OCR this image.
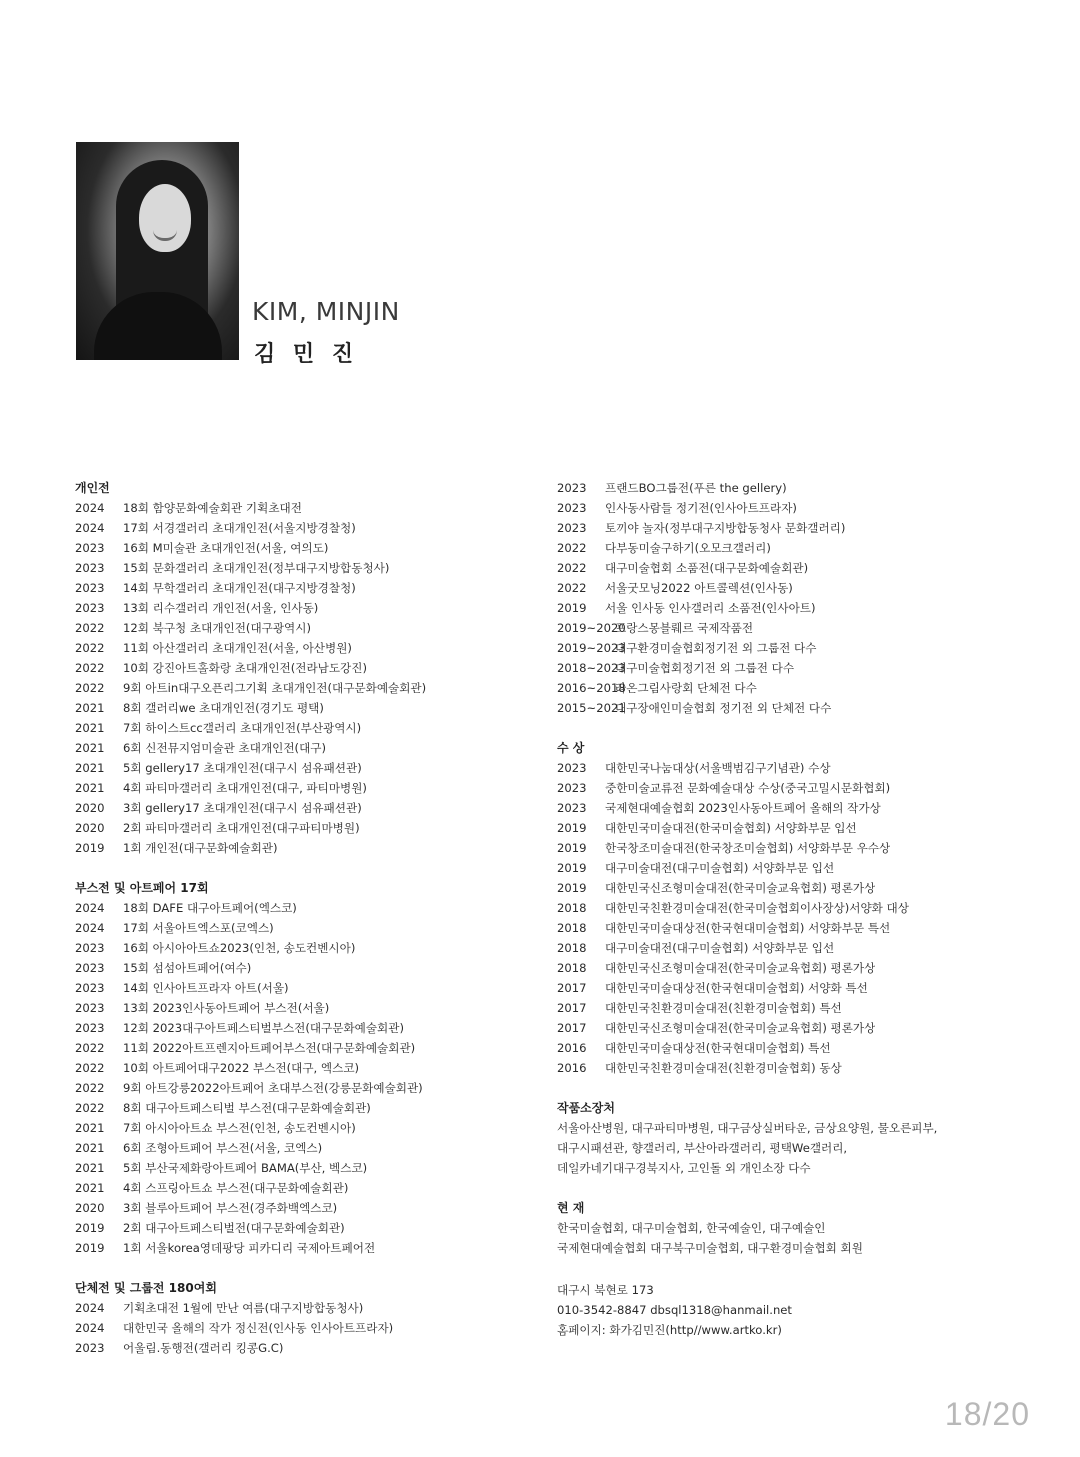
KIM, MINJIN
김 민 진
개인전
2024	18회 함양문화예술회관 기획초대전
2024	17회 서경갤러리 초대개인전(서울지방경찰청)
2023	16회 M미술관 초대개인전(서울, 여의도)
2023	15회 문화갤러리 초대개인전(정부대구지방합동청사)
2023	14회 무학갤러리 초대개인전(대구지방경찰청)
2023	13회 리수갤러리 개인전(서울, 인사동)
2022	12회 북구청 초대개인전(대구광역시)
2022	11회 아산갤러리 초대개인전(서울, 아산병원)
2022	10회 강진아트홀화랑 초대개인전(전라남도강진)
2022	9회 아트in대구오픈리그기획 초대개인전(대구문화예술회관)
2021	8회 갤러리we 초대개인전(경기도 평택)
2021	7회 하이스트cc갤러리 초대개인전(부산광역시)
2021	6회 신전뮤지엄미술관 초대개인전(대구)
2021	5회 gellery17 초대개인전(대구시 섬유패션관)
2021	4회 파티마갤러리 초대개인전(대구, 파티마병원)
2020	3회 gellery17 초대개인전(대구시 섬유패션관)
2020	2회 파티마갤러리 초대개인전(대구파티마병원)
2019	1회 개인전(대구문화예술회관)
부스전 및 아트페어 17회
2024	18회 DAFE 대구아트페어(엑스코)
2024	17회 서울아트엑스포(코엑스)
2023	16회 아시아아트쇼2023(인천, 송도컨벤시아)
2023	15회 섬섬아트페어(여수)
2023	14회 인사아트프라자 아트(서울)
2023	13회 2023인사동아트페어 부스전(서울)
2023	12회 2023대구아트페스티벌부스전(대구문화예술회관)
2022	11회 2022아트프렌지아트페어부스전(대구문화예술회관)
2022	10회 아트페어대구2022 부스전(대구, 엑스코)
2022	9회 아트강릉2022아트페어 초대부스전(강릉문화예술회관)
2022	8회 대구아트페스티벌 부스전(대구문화예술회관)
2021	7회 아시아아트쇼 부스전(인천, 송도컨벤시아)
2021	6회 조형아트페어 부스전(서울, 코엑스)
2021	5회 부산국제화랑아트페어 BAMA(부산, 벡스코)
2021	4회 스프링아트쇼 부스전(대구문화예술회관)
2020	3회 블루아트페어 부스전(경주화백엑스코)
2019	2회 대구아트페스티벌전(대구문화예술회관)
2019	1회 서울korea영데팡당 피카디리 국제아트페어전
단체전 및 그룹전 180여회
2024	기획초대전 1월에 만난 여름(대구지방합동청사)
2024	대한민국 올해의 작가 정신전(인사동 인사아트프라자)
2023	어울림.동행전(갤러리 킹콩G.C)
2023 프랜드BO그룹전(푸른 the gellery)
2023 인사동사람들 정기전(인사아트프라자)
2023 토끼야 놀자(정부대구지방합동청사 문화갤러리)
2022 다부동미술구하기(오모크갤러리)
2022 대구미술협회 소품전(대구문화예술회관)
2022 서울굿모닝2022 아트콜렉션(인사동)
2019 서울 인사동 인사갤러리 소품전(인사아트)
2019~2020프랑스몽블뤠르 국제작품전
2019~2023대구환경미술협회정기전 외 그룹전 다수
2018~2023대구미술협회정기전 외 그룹전 다수
2016~2018라온그림사랑회 단체전 다수
2015~2021대구장애인미술협회 정기전 외 단체전 다수
수 상
2023	대한민국나눔대상(서울백범김구기념관) 수상
2023	중한미술교류전 문화예술대상 수상(중국고밀시문화협회)
2023	국제현대예술협회 2023인사동아트페어 올해의 작가상
2019	대한민국미술대전(한국미술협회) 서양화부문 입선
2019	한국창조미술대전(한국창조미술협회) 서양화부문 우수상
2019	대구미술대전(대구미술협회) 서양화부문 입선
2019	대한민국신조형미술대전(한국미술교육협회) 평론가상
2018	대한민국친환경미술대전(한국미술협회이사장상)서양화 대상
2018	대한민국미술대상전(한국현대미술협회) 서양화부문 특선
2018	대구미술대전(대구미술협회) 서양화부문 입선
2018	대한민국신조형미술대전(한국미술교육협회) 평론가상
2017	대한민국미술대상전(한국현대미술협회) 서양화 특선
2017	대한민국친환경미술대전(친환경미술협회) 특선
2017	대한민국신조형미술대전(한국미술교육협회) 평론가상
2016	대한민국미술대상전(한국현대미술협회) 특선
2016	대한민국친환경미술대전(친환경미술협회) 동상
작품소장처
서울아산병원, 대구파티마병원, 대구금상실버타운, 금상요양원, 물오른피부,
대구시패션관, 향갤러리, 부산아라갤러리, 평택We갤러리,
데일카네기대구경북지사, 고인돌 외 개인소장 다수
현 재
한국미술협회, 대구미술협회, 한국예술인, 대구예술인
국제현대예술협회 대구북구미술협회, 대구환경미술협회 회원
대구시 북현로 173
010-3542-8847 dbsql1318@hanmail.net
홈페이지: 화가김민진(http//www.artko.kr)
18/20
